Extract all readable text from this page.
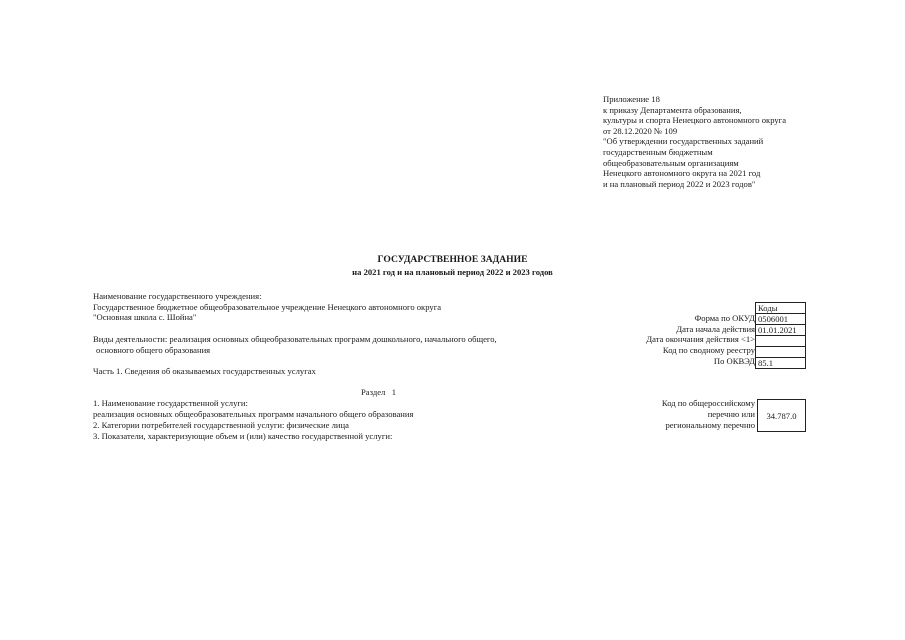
Приложение 18
к приказу Департамента образования,
культуры и спорта Ненецкого автономного округа
от 28.12.2020 № 109
"Об утверждении государственных заданий
государственным бюджетным
общеобразовательным организациям
Ненецкого автономного округа на 2021 год
и на плановый период 2022 и 2023 годов"
ГОСУДАРСТВЕННОЕ ЗАДАНИЕ
на 2021 год и на плановый период 2022 и 2023 годов
Наименование государственного учреждения:
Государственное бюджетное общеобразовательное учреждение Ненецкого автономного округа
"Основная школа с. Шойна"
Виды деятельности: реализация основных общеобразовательных программ дошкольного, начального общего,
основного общего образования
Часть 1. Сведения об оказываемых государственных услугах
Раздел   1
1. Наименование государственной услуги:
реализация основных общеобразовательных программ начального общего образования
2. Категории потребителей государственной услуги: физические лица
3. Показатели, характеризующие объем и (или) качество государственной услуги:
Форма по ОКУД
Дата начала действия
Дата окончания действия <1>
Код по сводному реестру
По ОКВЭД
Коды
0506001
01.01.2021
85.1
Код по общероссийскому
перечню или
региональному перечню
34.787.0
